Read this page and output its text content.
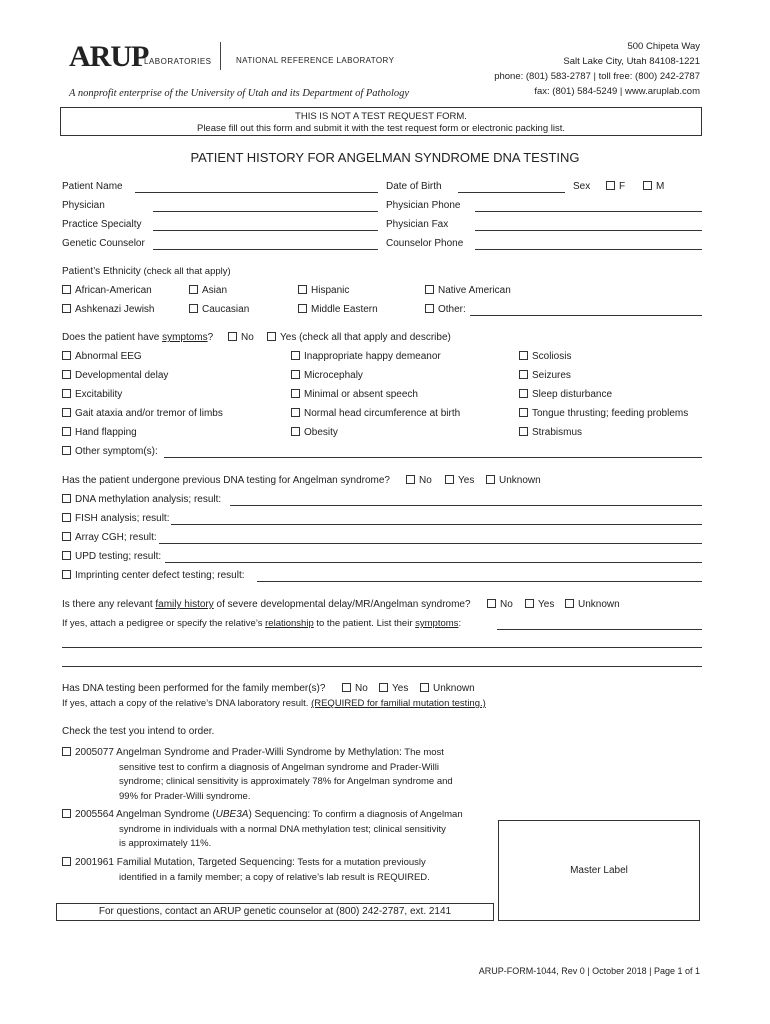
ARUP
LABORATORIES	NATIONAL REFERENCE LABORATORY
A nonprofit enterprise of the University of Utah and its Department of Pathology
500 Chipeta Way
Salt Lake City, Utah 84108-1221
phone: (801) 583-2787 | toll free: (800) 242-2787
fax: (801) 584-5249 | www.aruplab.com
THIS IS NOT A TEST REQUEST FORM.
Please fill out this form and submit it with the test request form or electronic packing list.
PATIENT HISTORY FOR ANGELMAN SYNDROME DNA TESTING
Patient Name	Date of Birth	Sex	F	M
Physician	Physician Phone
Practice Specialty	Physician Fax
Genetic Counselor	Counselor Phone
Patient’s Ethnicity (check all that apply)
African-American	Asian	Hispanic	Native American
Ashkenazi Jewish	Caucasian	Middle Eastern	Other:
Does the patient have symptoms?	No	Yes (check all that apply and describe)
Abnormal EEG	Inappropriate happy demeanor	Scoliosis
Developmental delay	Microcephaly	Seizures
Excitability	Minimal or absent speech	Sleep disturbance
Gait ataxia and/or tremor of limbs	Normal head circumference at birth	Tongue thrusting; feeding problems
Hand flapping	Obesity	Strabismus
Other symptom(s):
Has the patient undergone previous DNA testing for Angelman syndrome?	No	Yes	Unknown
DNA methylation analysis; result:
FISH analysis; result:
Array CGH; result:
UPD testing; result:
Imprinting center defect testing; result:
Is there any relevant family history of severe developmental delay/MR/Angelman syndrome?	No	Yes	Unknown
If yes, attach a pedigree or specify the relative’s relationship to the patient. List their symptoms:
Has DNA testing been performed for the family member(s)?	No	Yes	Unknown
If yes, attach a copy of the relative’s DNA laboratory result. (REQUIRED for familial mutation testing.)
Check the test you intend to order.
2005077 Angelman Syndrome and Prader-Willi Syndrome by Methylation: The most
sensitive test to confirm a diagnosis of Angelman syndrome and Prader-Willi
syndrome; clinical sensitivity is approximately 78% for Angelman syndrome and
99% for Prader-Willi syndrome.
2005564 Angelman Syndrome (UBE3A) Sequencing: To confirm a diagnosis of Angelman
syndrome in individuals with a normal DNA methylation test; clinical sensitivity
is approximately 11%.
2001961 Familial Mutation, Targeted Sequencing: Tests for a mutation previously
identified in a family member; a copy of relative’s lab result is REQUIRED.
Master Label
For questions, contact an ARUP genetic counselor at (800) 242-2787, ext. 2141
ARUP-FORM-1044, Rev 0 | October 2018 | Page 1 of 1
